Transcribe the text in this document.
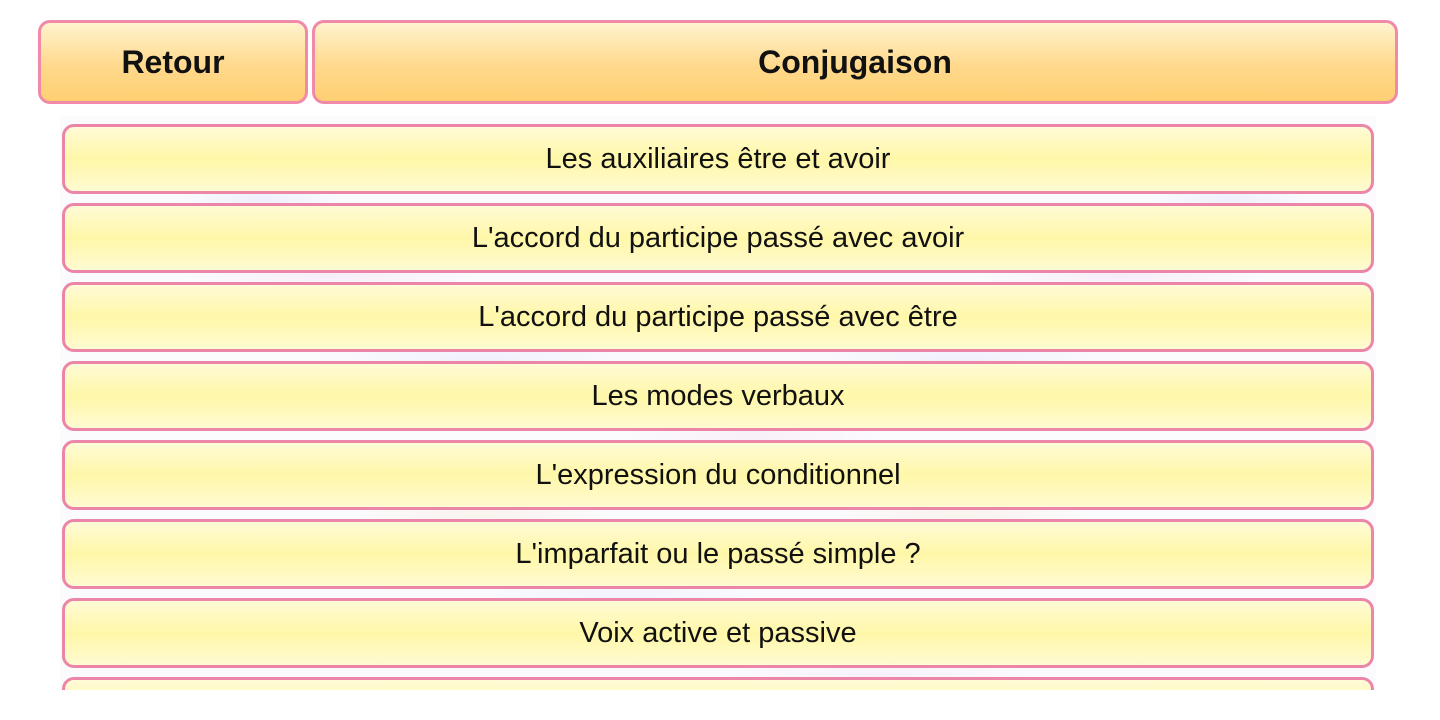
Retour	Conjugaison
Les auxiliaires être et avoir
L'accord du participe passé avec avoir
L'accord du participe passé avec être
Les modes verbaux
L'expression du conditionnel
L'imparfait ou le passé simple ?
Voix active et passive
